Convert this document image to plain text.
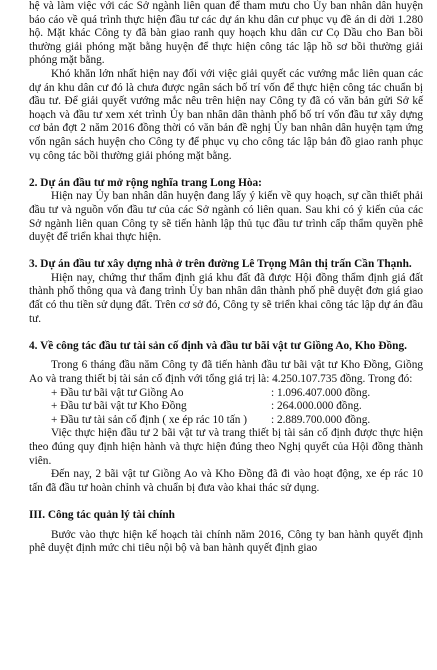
hệ và làm việc với các Sở ngành liên quan để tham mưu cho Ủy ban nhân dân huyện báo cáo về quá trình thực hiện đầu tư các dự án khu dân cư phục vụ đề án di dời 1.280 hộ. Mặt khác Công ty đã bàn giao ranh quy hoạch khu dân cư Cọ Dầu cho Ban bồi thường giải phóng mặt bằng huyện để thực hiện công tác lập hồ sơ bồi thường giải phóng mặt bằng.

Khó khăn lớn nhất hiện nay đối với việc giải quyết các vướng mắc liên quan các dự án khu dân cư đó là chưa được ngân sách bố trí vốn để thực hiện công tác chuẩn bị đầu tư. Để giải quyết vướng mắc nêu trên hiện nay Công ty đã có văn bản gửi Sở kế hoạch và đầu tư xem xét trình Ủy ban nhân dân thành phố bố trí vốn đầu tư xây dựng cơ bản đợt 2 năm 2016 đồng thời có văn bản đề nghị Ủy ban nhân dân huyện tạm ứng vốn ngân sách huyện cho Công ty để phục vụ cho công tác lập bản đồ giao ranh phục vụ công tác bồi thường giải phóng mặt bằng.

2. Dự án đầu tư mở rộng nghĩa trang Long Hòa:

Hiện nay Ủy ban nhân dân huyện đang lấy ý kiến về quy hoạch, sự cần thiết phải đầu tư và nguồn vốn đầu tư của các Sở ngành có liên quan. Sau khi có ý kiến của các Sở ngành liên quan Công ty sẽ tiến hành lập thủ tục đầu tư trình cấp thẩm quyền phê duyệt để triển khai thực hiện.

3. Dự án đầu tư xây dựng nhà ở trên đường Lê Trọng Mân thị trấn Cần Thạnh.

Hiện nay, chứng thư thẩm định giá khu đất đã được Hội đồng thẩm định giá đất thành phố thông qua và đang trình Ủy ban nhân dân thành phố phê duyệt đơn giá giao đất có thu tiền sử dụng đất. Trên cơ sở đó, Công ty sẽ triển khai công tác lập dự án đầu tư.

4. Về công tác đầu tư tài sản cố định và đầu tư bãi vật tư Giồng Ao, Kho Đồng.

Trong 6 tháng đầu năm Công ty đã tiến hành đầu tư bãi vật tư Kho Đồng, Giồng Ao và trang thiết bị tài sản cố định với tổng giá trị là: 4.250.107.735 đồng. Trong đó:

+ Đầu tư bãi vật tư Giồng Ao	: 1.096.407.000 đồng.
+ Đầu tư bãi vật tư Kho Đồng	: 264.000.000 đồng.
+ Đầu tư tài sản cố định ( xe ép rác 10 tấn )	: 2.889.700.000 đồng.

Việc thực hiện đầu tư 2 bãi vật tư và trang thiết bị tài sản cố định được thực hiện theo đúng quy định hiện hành và thực hiện đúng theo Nghị quyết của Hội đồng thành viên.

Đến nay, 2 bãi vật tư Giồng Ao và Kho Đồng đã đi vào hoạt động, xe ép rác 10 tấn đã đầu tư hoàn chỉnh và chuẩn bị đưa vào khai thác sử dụng.

III. Công tác quản lý tài chính

Bước vào thực hiện kế hoạch tài chính năm 2016, Công ty ban hành quyết định phê duyệt định mức chi tiêu nội bộ và ban hành quyết định giao
